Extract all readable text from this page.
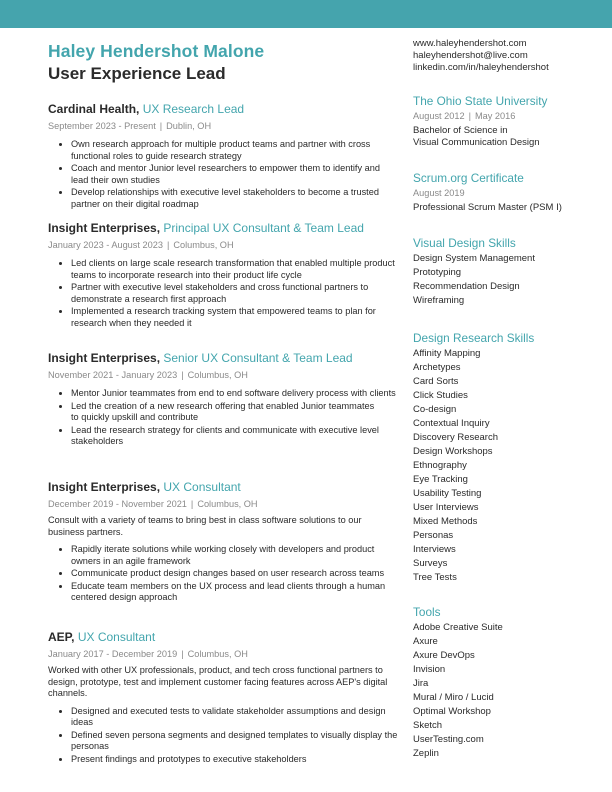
Haley Hendershot Malone
User Experience Lead
Cardinal Health, UX Research Lead
September 2023 - Present | Dublin, OH
• Own research approach for multiple product teams and partner with cross functional roles to guide research strategy
• Coach and mentor Junior level researchers to empower them to identify and lead their own studies
• Develop relationships with executive level stakeholders to become a trusted partner on their digital roadmap
Insight Enterprises, Principal UX Consultant & Team Lead
January 2023 - August 2023 | Columbus, OH
• Led clients on large scale research transformation that enabled multiple product teams to incorporate research into their product life cycle
• Partner with executive level stakeholders and cross functional partners to demonstrate a research first approach
• Implemented a research tracking system that empowered teams to plan for research when they needed it
Insight Enterprises, Senior UX Consultant & Team Lead
November 2021 - January 2023 | Columbus, OH
• Mentor Junior teammates from end to end software delivery process with clients
• Led the creation of a new research offering that enabled Junior teammates
to quickly upskill and contribute
• Lead the research strategy for clients and communicate with executive level stakeholders
Insight Enterprises, UX Consultant
December 2019 - November 2021 | Columbus, OH
Consult with a variety of teams to bring best in class software solutions to our business partners.
• Rapidly iterate solutions while working closely with developers and product owners in an agile framework
• Communicate product design changes based on user research across teams
• Educate team members on the UX process and lead clients through a human centered design approach
AEP, UX Consultant
January 2017 - December 2019 | Columbus, OH
Worked with other UX professionals, product, and tech cross functional partners to design, prototype, test and implement customer facing features across AEP's digital channels.
• Designed and executed tests to validate stakeholder assumptions and design ideas
• Defined seven persona segments and designed templates to visually display the personas
• Present findings and prototypes to executive stakeholders
www.haleyhendershot.com
haleyhendershot@live.com
linkedin.com/in/haleyhendershot
The Ohio State University
August 2012 | May 2016
Bachelor of Science in
Visual Communication Design
Scrum.org Certificate
August 2019
Professional Scrum Master (PSM I)
Visual Design Skills
Design System Management
Prototyping
Recommendation Design
Wireframing
Design Research Skills
Affinity Mapping
Archetypes
Card Sorts
Click Studies
Co-design
Contextual Inquiry
Discovery Research
Design Workshops
Ethnography
Eye Tracking
Usability Testing
User Interviews
Mixed Methods
Personas
Interviews
Surveys
Tree Tests
Tools
Adobe Creative Suite
Axure
Axure DevOps
Invision
Jira
Mural / Miro / Lucid
Optimal Workshop
Sketch
UserTesting.com
Zeplin
